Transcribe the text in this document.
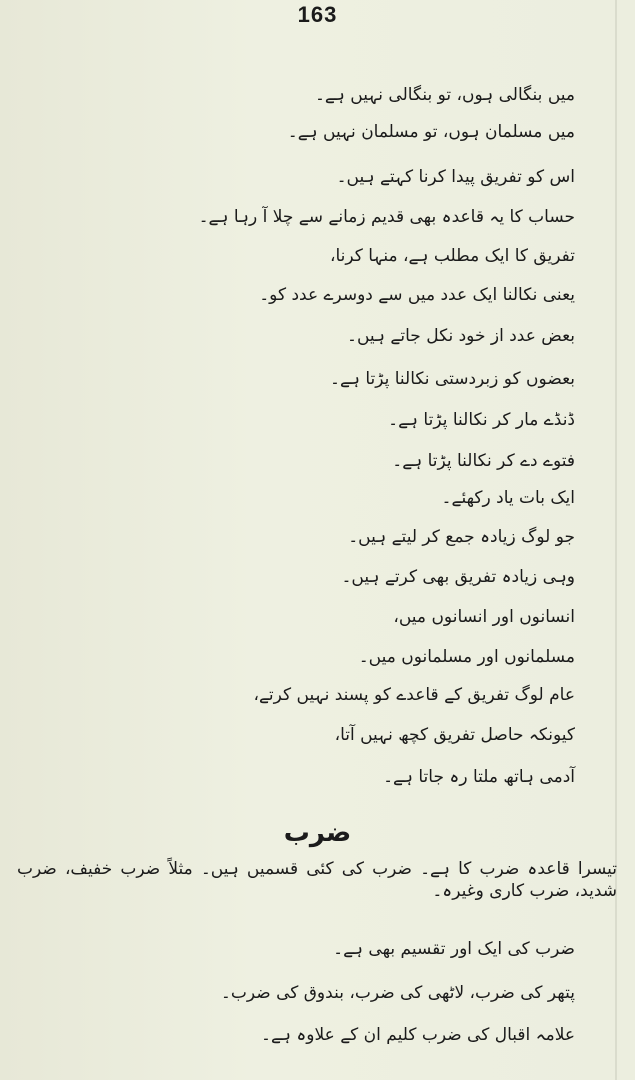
163
میں بنگالی ہوں، تو بنگالی نہیں ہے۔
میں مسلمان ہوں، تو مسلمان نہیں ہے۔
اس کو تفریق پیدا کرنا کہتے ہیں۔
حساب کا یہ قاعدہ بھی قدیم زمانے سے چلا آ رہا ہے۔
تفریق کا ایک مطلب ہے، منہا کرنا،
یعنی نکالنا ایک عدد میں سے دوسرے عدد کو۔
بعض عدد از خود نکل جاتے ہیں۔
بعضوں کو زبردستی نکالنا پڑتا ہے۔
ڈنڈے مار کر نکالنا پڑتا ہے۔
فتوے دے کر نکالنا پڑتا ہے۔
ایک بات یاد رکھئے۔
جو لوگ زیادہ جمع کر لیتے ہیں۔
وہی زیادہ تفریق بھی کرتے ہیں۔
انسانوں اور انسانوں میں،
مسلمانوں اور مسلمانوں میں۔
عام لوگ تفریق کے قاعدے کو پسند نہیں کرتے،
کیونکہ حاصل تفریق کچھ نہیں آتا،
آدمی ہاتھ ملتا رہ جاتا ہے۔
ضرب
تیسرا قاعدہ ضرب کا ہے۔ ضرب کی کئی قسمیں ہیں۔ مثلاً ضرب خفیف، ضرب شدید، ضرب کاری وغیرہ۔
ضرب کی ایک اور تقسیم بھی ہے۔
پتھر کی ضرب، لاٹھی کی ضرب، بندوق کی ضرب۔
علامہ اقبال کی ضرب کلیم ان کے علاوہ ہے۔
